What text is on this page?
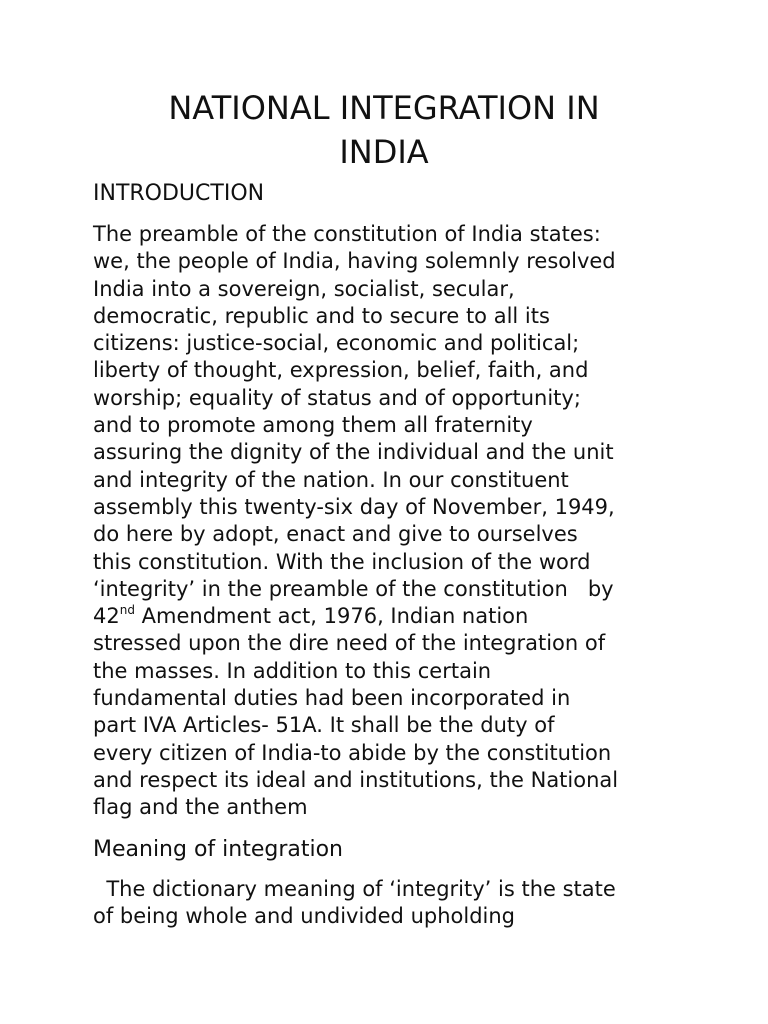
NATIONAL INTEGRATION IN
INDIA
INTRODUCTION

The preamble of the constitution of India states:
we, the people of India, having solemnly resolved
India into a sovereign, socialist, secular,
democratic, republic and to secure to all its
citizens: justice-social, economic and political;
liberty of thought, expression, belief, faith, and
worship; equality of status and of opportunity;
and to promote among them all fraternity
assuring the dignity of the individual and the unit
and integrity of the nation. In our constituent
assembly this twenty-six day of November, 1949,
do here by adopt, enact and give to ourselves
this constitution. With the inclusion of the word
‘integrity’ in the preamble of the constitution   by
42nd Amendment act, 1976, Indian nation
stressed upon the dire need of the integration of
the masses. In addition to this certain
fundamental duties had been incorporated in
part IVA Articles- 51A. It shall be the duty of
every citizen of India-to abide by the constitution
and respect its ideal and institutions, the National
flag and the anthem

Meaning of integration

The dictionary meaning of ‘integrity’ is the state
of being whole and undivided upholding
